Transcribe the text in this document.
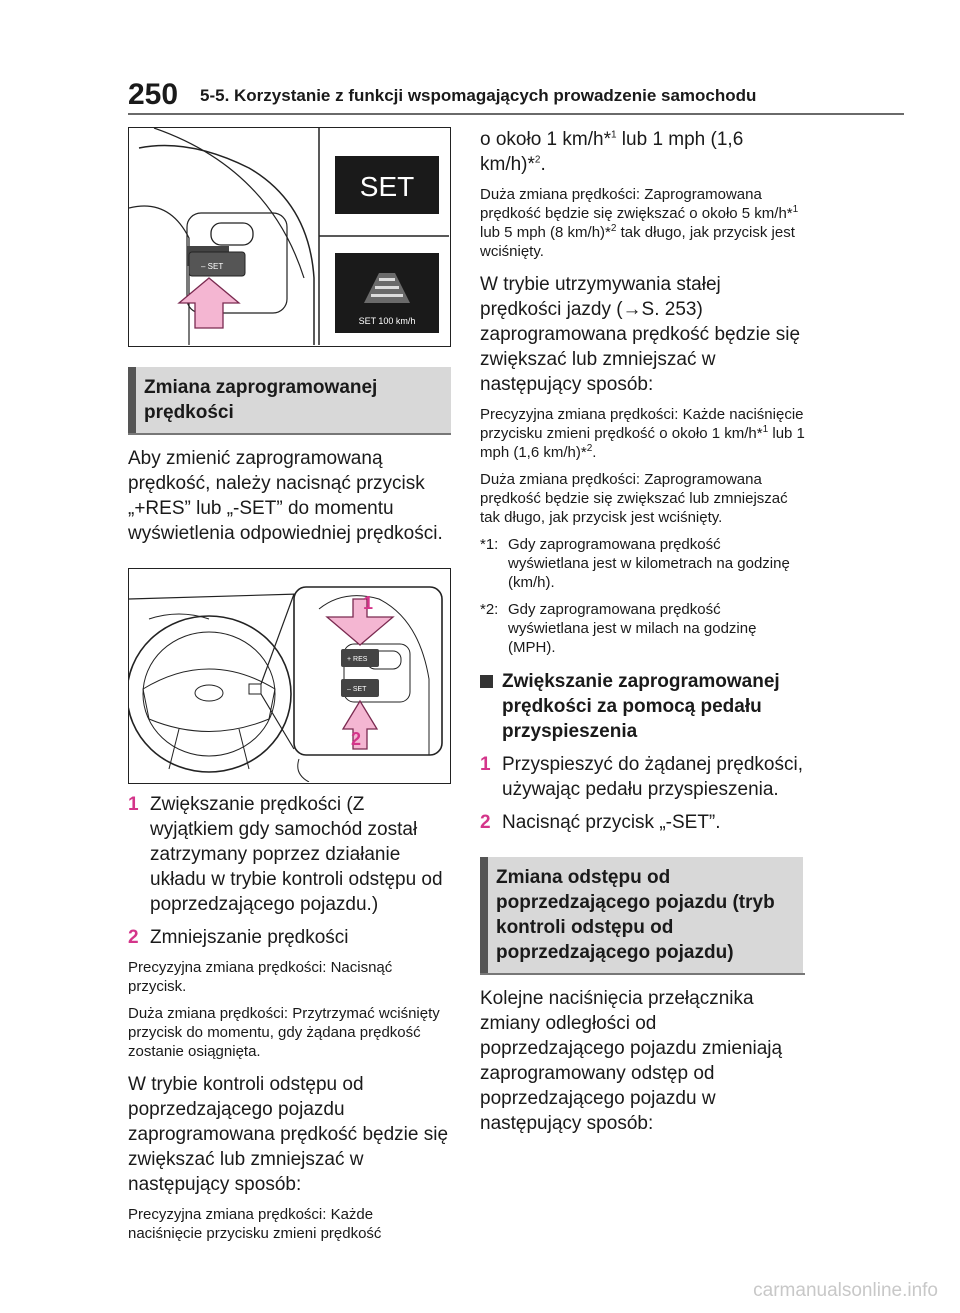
250 5-5. Korzystanie z funkcji wspomagających prowadzenie samochodu
– SET
SET
SET 100 km/h
Zmiana zaprogramowanej prędkości

Aby zmienić zaprogramowaną prędkość, należy nacisnąć przycisk „+RES” lub „-SET” do momentu wyświetlenia odpowiedniej prędkości.

+ RES
– SET
1
2
1 Zwiększanie prędkości (Z wyjątkiem gdy samochód został zatrzymany poprzez działanie układu w trybie kontroli odstępu od poprzedzającego pojazdu.)
2 Zmniejszanie prędkości

Precyzyjna zmiana prędkości: Nacisnąć przycisk.

Duża zmiana prędkości: Przytrzymać wciśnięty przycisk do momentu, gdy żądana prędkość zostanie osiągnięta.

W trybie kontroli odstępu od poprzedzającego pojazdu zaprogramowana prędkość będzie się zwiększać lub zmniejszać w następujący sposób:

Precyzyjna zmiana prędkości: Każde naciśnięcie przycisku zmieni prędkość

o około 1 km/h*$^1$ lub 1 mph (1,6 km/h)*$^2$.

Duża zmiana prędkości: Zaprogramowana prędkość będzie się zwiększać o około 5 km/h*$^1$ lub 5 mph (8 km/h)*$^2$ tak długo, jak przycisk jest wciśnięty.

W trybie utrzymywania stałej prędkości jazdy (→S. 253) zaprogramowana prędkość będzie się zwiększać lub zmniejszać w następujący sposób:

Precyzyjna zmiana prędkości: Każde naciśnięcie przycisku zmieni prędkość o około 1 km/h*$^1$ lub 1 mph (1,6 km/h)*$^2$.

Duża zmiana prędkości: Zaprogramowana prędkość będzie się zwiększać lub zmniejszać tak długo, jak przycisk jest wciśnięty.

*1: Gdy zaprogramowana prędkość wyświetlana jest w kilometrach na godzinę (km/h).
*2: Gdy zaprogramowana prędkość wyświetlana jest w milach na godzinę (MPH).
Zwiększanie zaprogramowanej prędkości za pomocą pedału przyspieszenia
1 Przyspieszyć do żądanej prędkości, używając pedału przyspieszenia.
2 Nacisnąć przycisk „-SET”.
Zmiana odstępu od poprzedzającego pojazdu (tryb kontroli odstępu od poprzedzającego pojazdu)

Kolejne naciśnięcia przełącznika zmiany odległości od poprzedzającego pojazdu zmieniają zaprogramowany odstęp od poprzedzającego pojazdu w następujący sposób:

carmanualsonline.info
